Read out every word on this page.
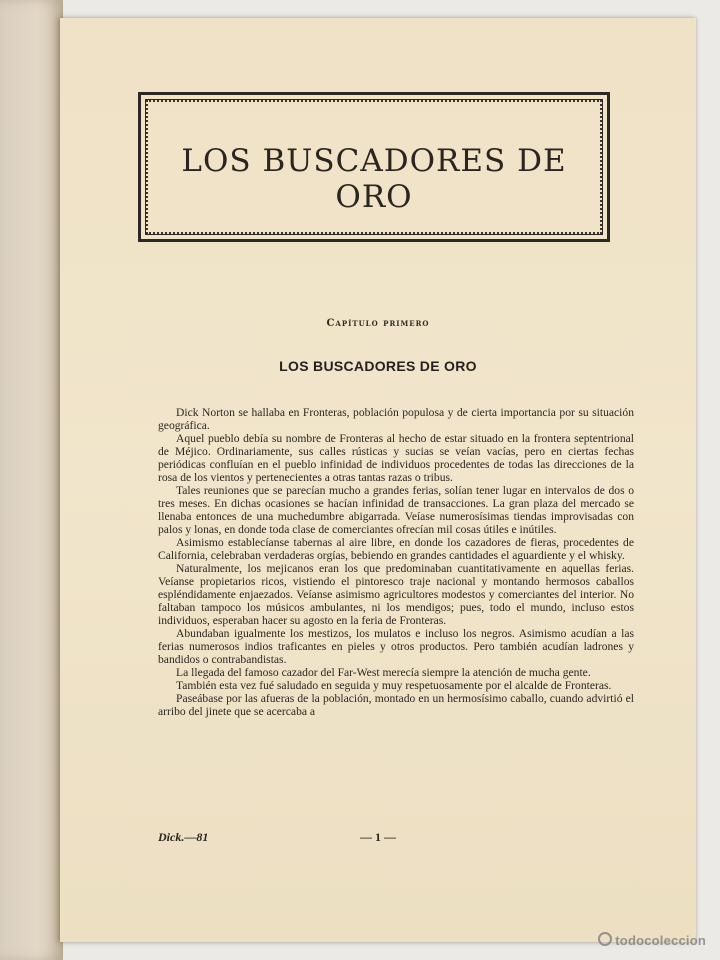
LOS BUSCADORES DE ORO
Capítulo primero
LOS BUSCADORES DE ORO

Dick Norton se hallaba en Fronteras, población populosa y de cierta importancia por su situación geográfica.

Aquel pueblo debía su nombre de Fronteras al hecho de estar situado en la frontera septentrional de Méjico. Ordinariamente, sus calles rústicas y sucias se veían vacías, pero en ciertas fechas periódicas confluían en el pueblo infinidad de individuos procedentes de todas las direcciones de la rosa de los vientos y pertenecientes a otras tantas razas o tribus.

Tales reuniones que se parecían mucho a grandes ferias, solían tener lugar en intervalos de dos o tres meses. En dichas ocasiones se hacían infinidad de transacciones. La gran plaza del mercado se llenaba entonces de una muchedumbre abigarrada. Veíase numerosísimas tiendas improvisadas con palos y lonas, en donde toda clase de comerciantes ofrecían mil cosas útiles e inútiles.

Asimismo establecíanse tabernas al aire libre, en donde los cazadores de fieras, procedentes de California, celebraban verdaderas orgías, bebiendo en grandes cantidades el aguardiente y el whisky.

Naturalmente, los mejicanos eran los que predominaban cuantitativamente en aquellas ferias. Veíanse propietarios ricos, vistiendo el pintoresco traje nacional y montando hermosos caballos espléndidamente enjaezados. Veíanse asimismo agricultores modestos y comerciantes del interior. No faltaban tampoco los músicos ambulantes, ni los mendigos; pues, todo el mundo, incluso estos individuos, esperaban hacer su agosto en la feria de Fronteras.

Abundaban igualmente los mestizos, los mulatos e incluso los negros. Asimismo acudían a las ferias numerosos indios traficantes en pieles y otros productos. Pero también acudían ladrones y bandidos o contrabandistas.

La llegada del famoso cazador del Far-West merecía siempre la atención de mucha gente.

También esta vez fué saludado en seguida y muy respetuosamente por el alcalde de Fronteras.

Paseábase por las afueras de la población, montado en un hermosísimo caballo, cuando advirtió el arribo del jinete que se acercaba a

Dick.—81	— 1 —
todocoleccion
